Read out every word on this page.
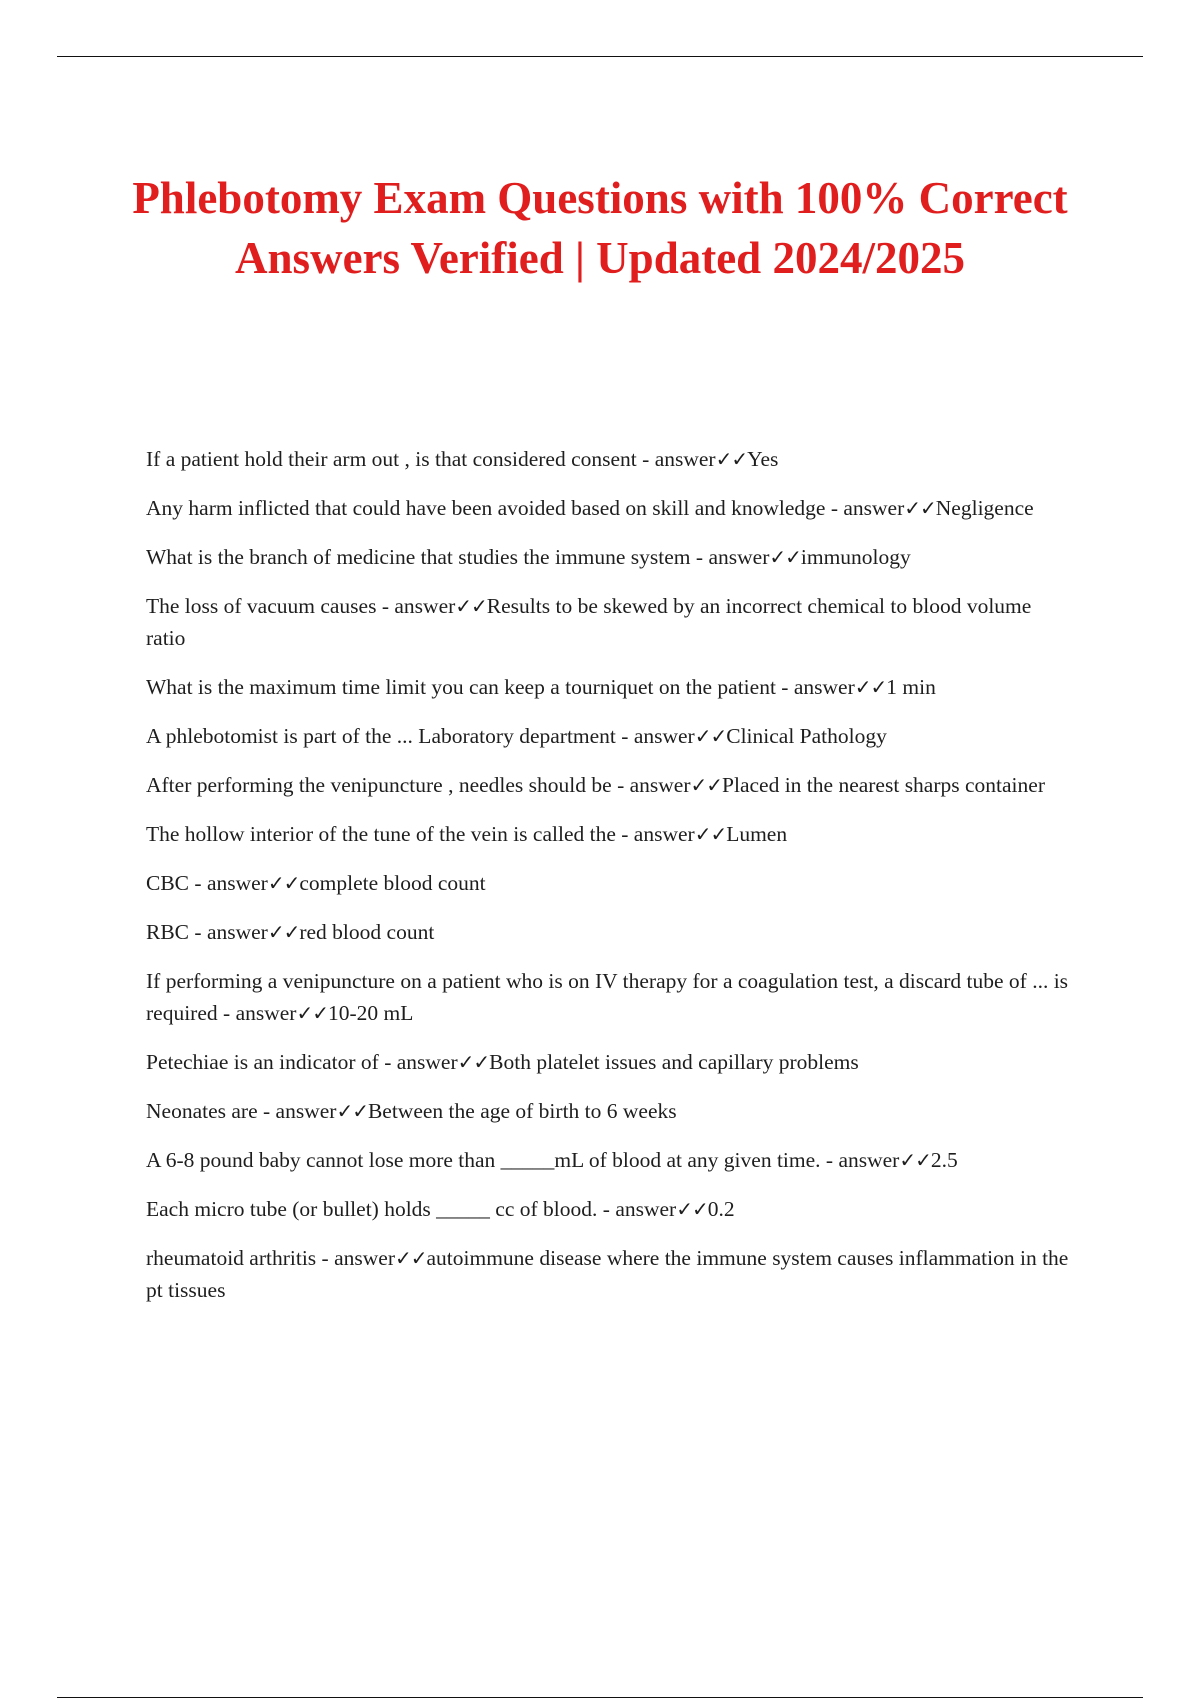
Phlebotomy Exam Questions with 100% Correct Answers Verified | Updated 2024/2025
If a patient hold their arm out , is that considered consent - answer✓✓Yes
Any harm inflicted that could have been avoided based on skill and knowledge - answer✓✓Negligence
What is the branch of medicine that studies the immune system - answer✓✓immunology
The loss of vacuum causes - answer✓✓Results to be skewed by an incorrect chemical to blood volume ratio
What is the maximum time limit you can keep a tourniquet on the patient - answer✓✓1 min
A phlebotomist is part of the ... Laboratory department - answer✓✓Clinical Pathology
After performing the venipuncture , needles should be - answer✓✓Placed in the nearest sharps container
The hollow interior of the tune of the vein is called the - answer✓✓Lumen
CBC - answer✓✓complete blood count
RBC - answer✓✓red blood count
If performing a venipuncture on a patient who is on IV therapy for a coagulation test, a discard tube of ... is required - answer✓✓10-20 mL
Petechiae is an indicator of - answer✓✓Both platelet issues and capillary problems
Neonates are - answer✓✓Between the age of birth to 6 weeks
A 6-8 pound baby cannot lose more than _____mL of blood at any given time. - answer✓✓2.5
Each micro tube (or bullet) holds _____ cc of blood. - answer✓✓0.2
rheumatoid arthritis - answer✓✓autoimmune disease where the immune system causes inflammation in the pt tissues
